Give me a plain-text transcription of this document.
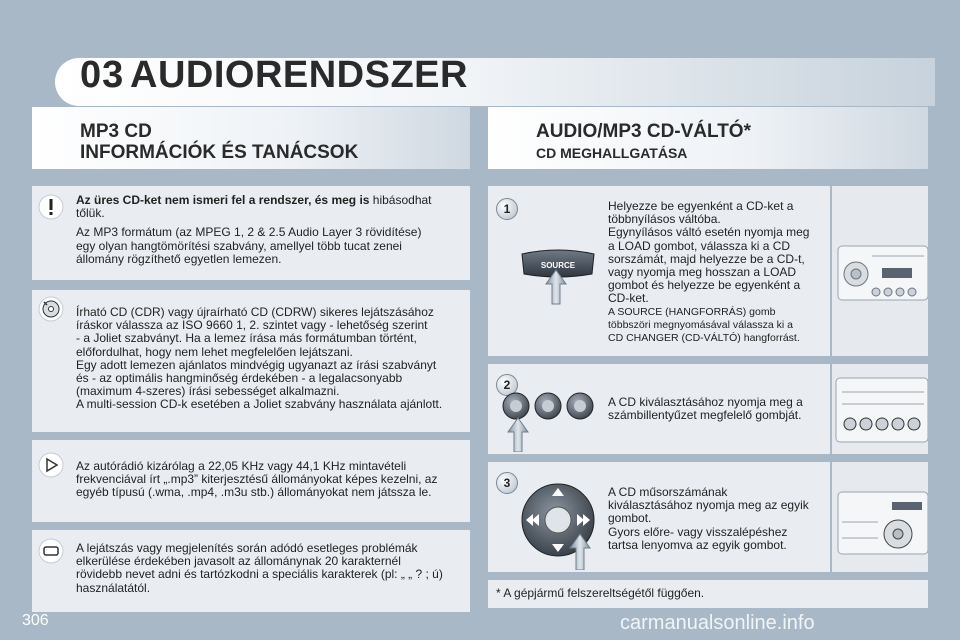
03 AUDIORENDSZER
MP3 CD
INFORMÁCIÓK ÉS TANÁCSOK
AUDIO/MP3 CD-VÁLTÓ*
CD MEGHALLGATÁSA

Az üres CD-ket nem ismeri fel a rendszer, és meg is hibásodhat

tőlük.

Az MP3 formátum (az MPEG 1, 2 & 2.5 Audio Layer 3 rövidítése)

egy olyan hangtömörítési szabvány, amellyel több tucat zenei

állomány rögzíthető egyetlen lemezen.

Írható CD (CDR) vagy újraírható CD (CDRW) sikeres lejátszásához

íráskor válassza az ISO 9660 1, 2. szintet vagy - lehetőség szerint

- a Joliet szabványt. Ha a lemez írása más formátumban történt,

előfordulhat, hogy nem lehet megfelelően lejátszani.

Egy adott lemezen ajánlatos mindvégig ugyanazt az írási szabványt

és - az optimális hangminőség érdekében - a legalacsonyabb

(maximum 4-szeres) írási sebességet alkalmazni.

A multi-session CD-k esetében a Joliet szabvány használata ajánlott.

Az autórádió kizárólag a 22,05 KHz vagy 44,1 KHz mintavételi

frekvenciával írt „.mp3” kiterjesztésű állományokat képes kezelni, az

egyéb típusú (.wma, .mp4, .m3u stb.) állományokat nem játssza le.

A lejátszás vagy megjelenítés során adódó esetleges problémák

elkerülése érdekében javasolt az állománynak 20 karakternél

rövidebb nevet adni és tartózkodni a speciális karakterek (pl: „ „ ? ; ú)

használatától.

1
SOURCE

Helyezze be egyenként a CD-ket a

többnyílásos váltóba.

Egynyílásos váltó esetén nyomja meg

a LOAD gombot, válassza ki a CD

sorszámát, majd helyezze be a CD-t,

vagy nyomja meg hosszan a LOAD

gombot és helyezze be egyenként a

CD-ket.

A SOURCE (HANGFORRÁS) gomb

többszöri megnyomásával válassza ki a

CD CHANGER (CD-VÁLTÓ) hangforrást.

2

A CD kiválasztásához nyomja meg a

számbillentyűzet megfelelő gombját.

3

A CD műsorszámának

kiválasztásához nyomja meg az egyik

gombot.

Gyors előre- vagy visszalépéshez

tartsa lenyomva az egyik gombot.

* A gépjármű felszereltségétől függően.

306	carmanualsonline.info
